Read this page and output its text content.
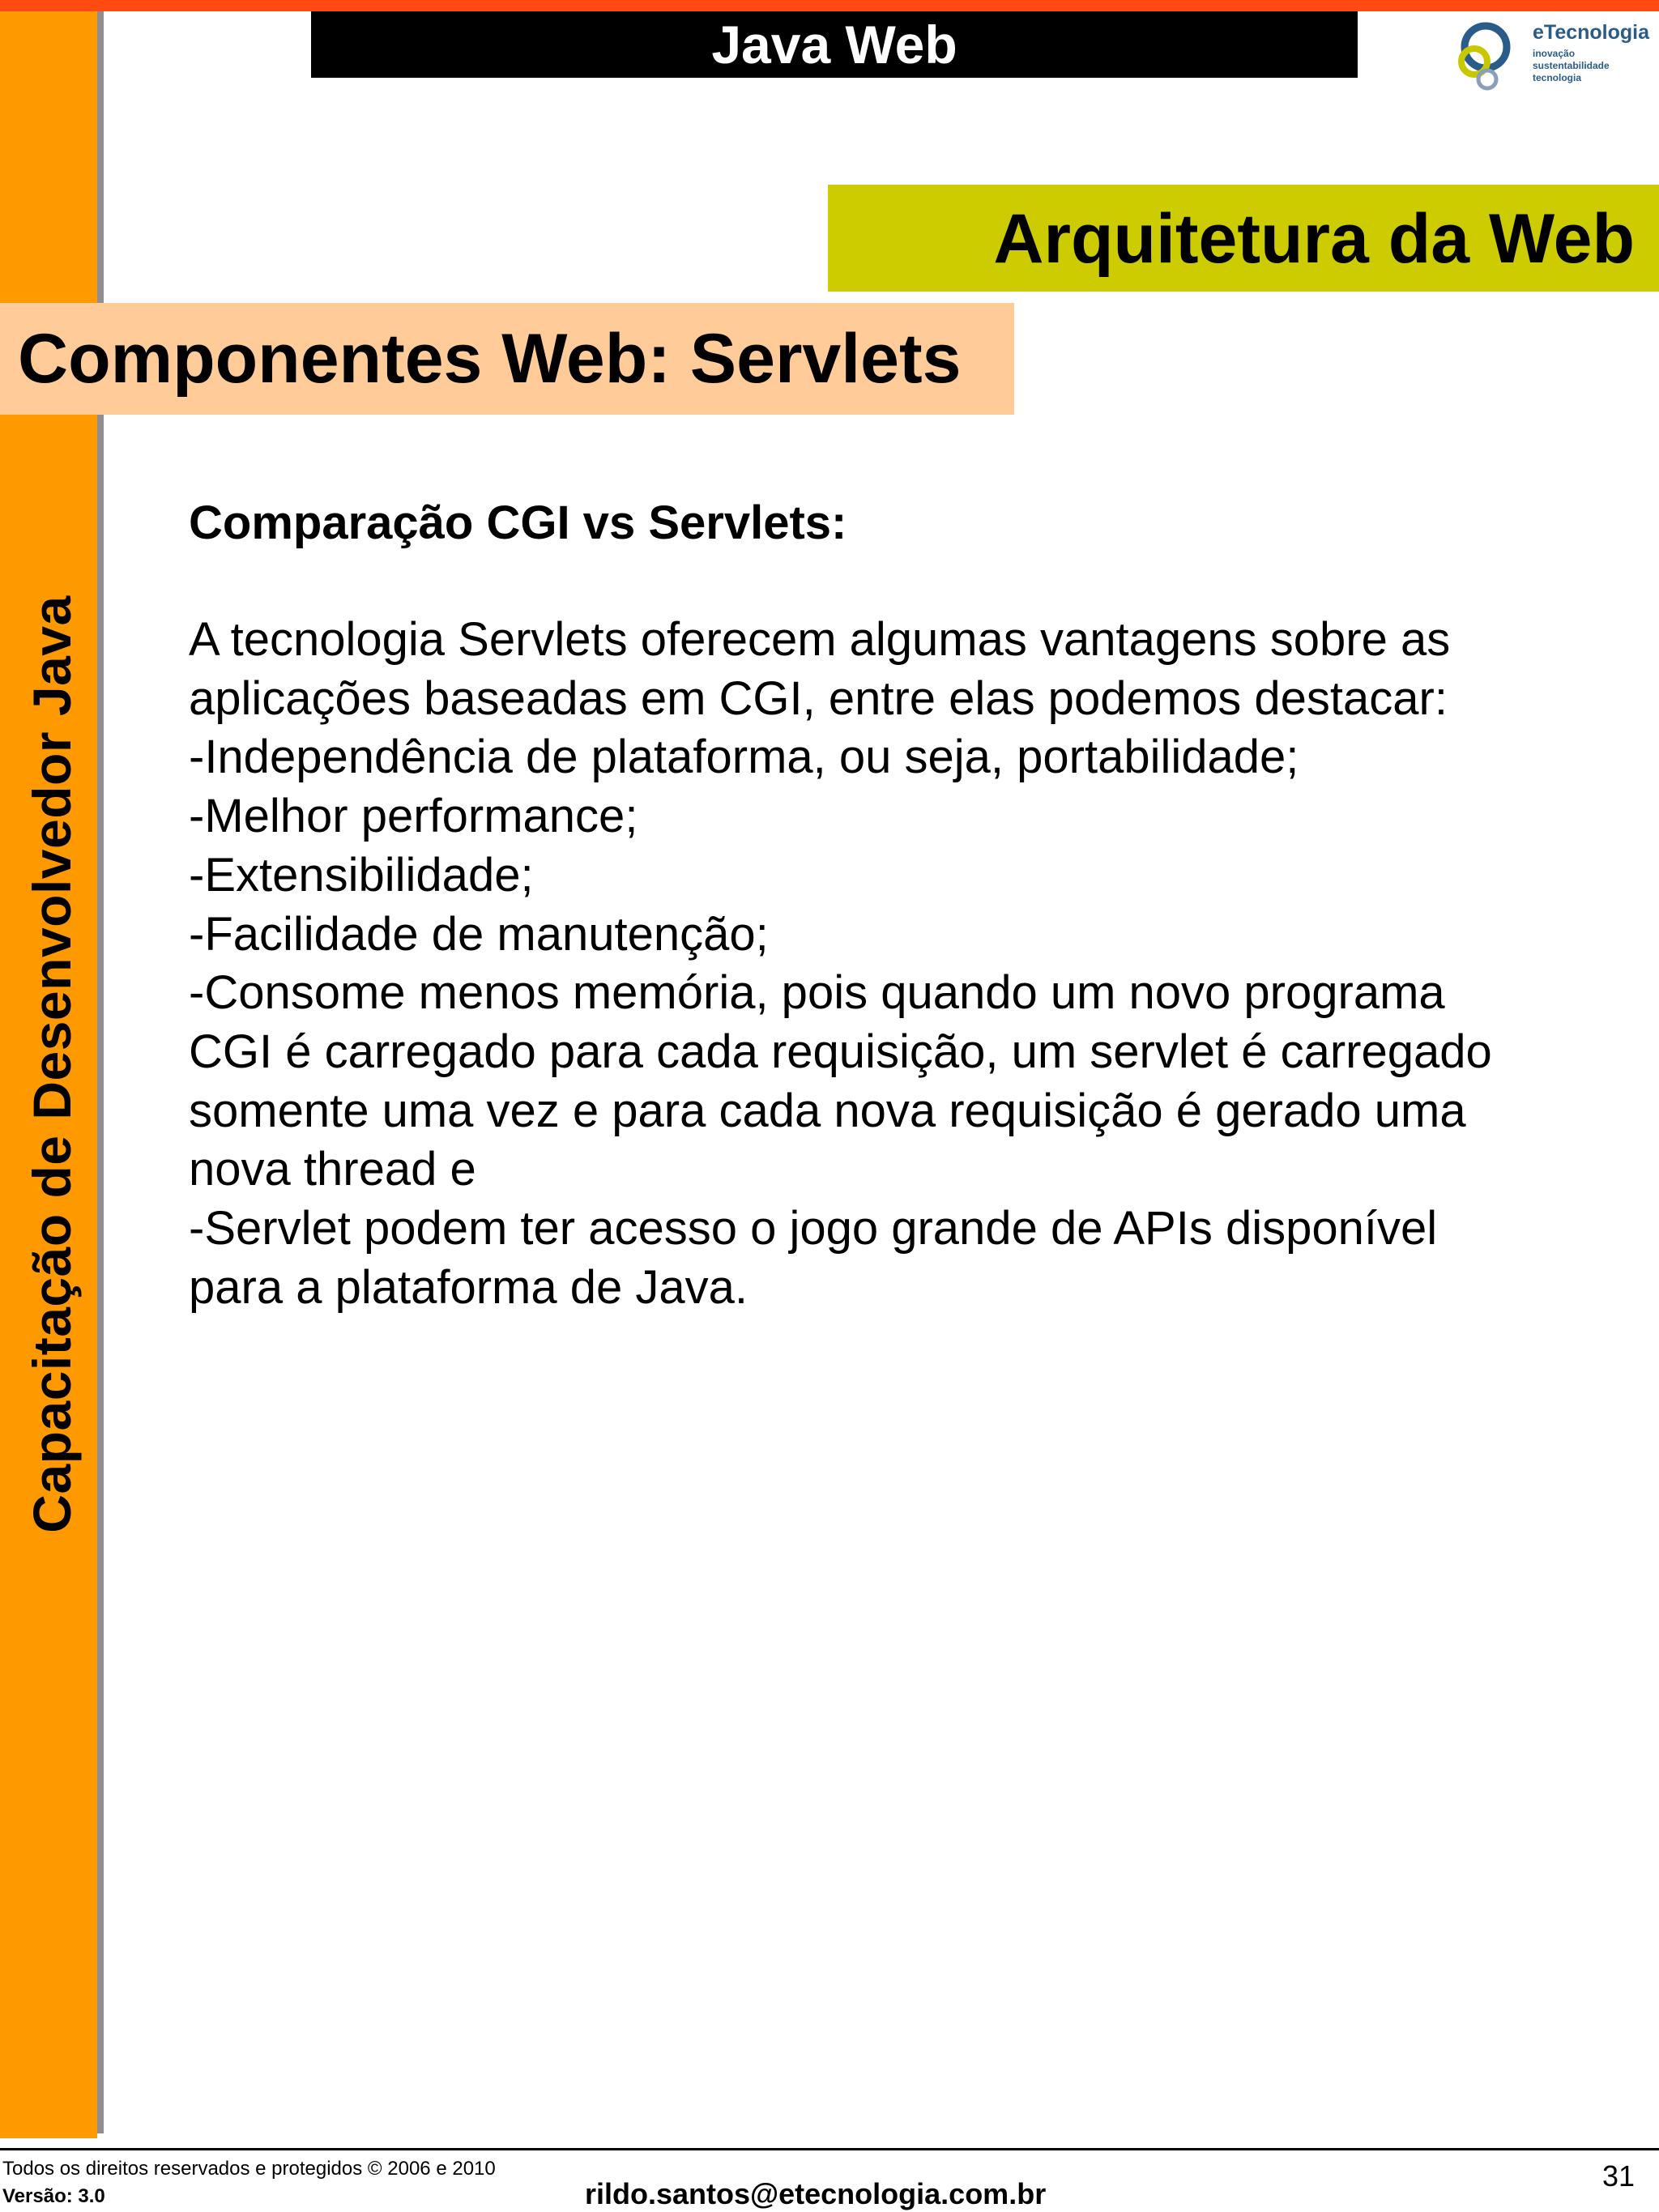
Capacitação de Desenvolvedor Java
Java Web	eTecnologia
inovação
sustentabilidade
tecnologia
Arquitetura da Web
Componentes Web: Servlets

Comparação CGI vs Servlets:

A tecnologia Servlets oferecem algumas vantagens sobre as

aplicações baseadas em CGI, entre elas podemos destacar:

-Independência de plataforma, ou seja, portabilidade;

-Melhor performance;

-Extensibilidade;

-Facilidade de manutenção;

-Consome menos memória, pois quando um novo programa

CGI é carregado para cada requisição, um servlet é carregado

somente uma vez e para cada nova requisição é gerado uma

nova thread e

-Servlet podem ter acesso o jogo grande de APIs disponível

para a plataforma de Java.

Todos os direitos reservados e protegidos © 2006 e 2010
Versão: 3.0	rildo.santos@etecnologia.com.br
31
